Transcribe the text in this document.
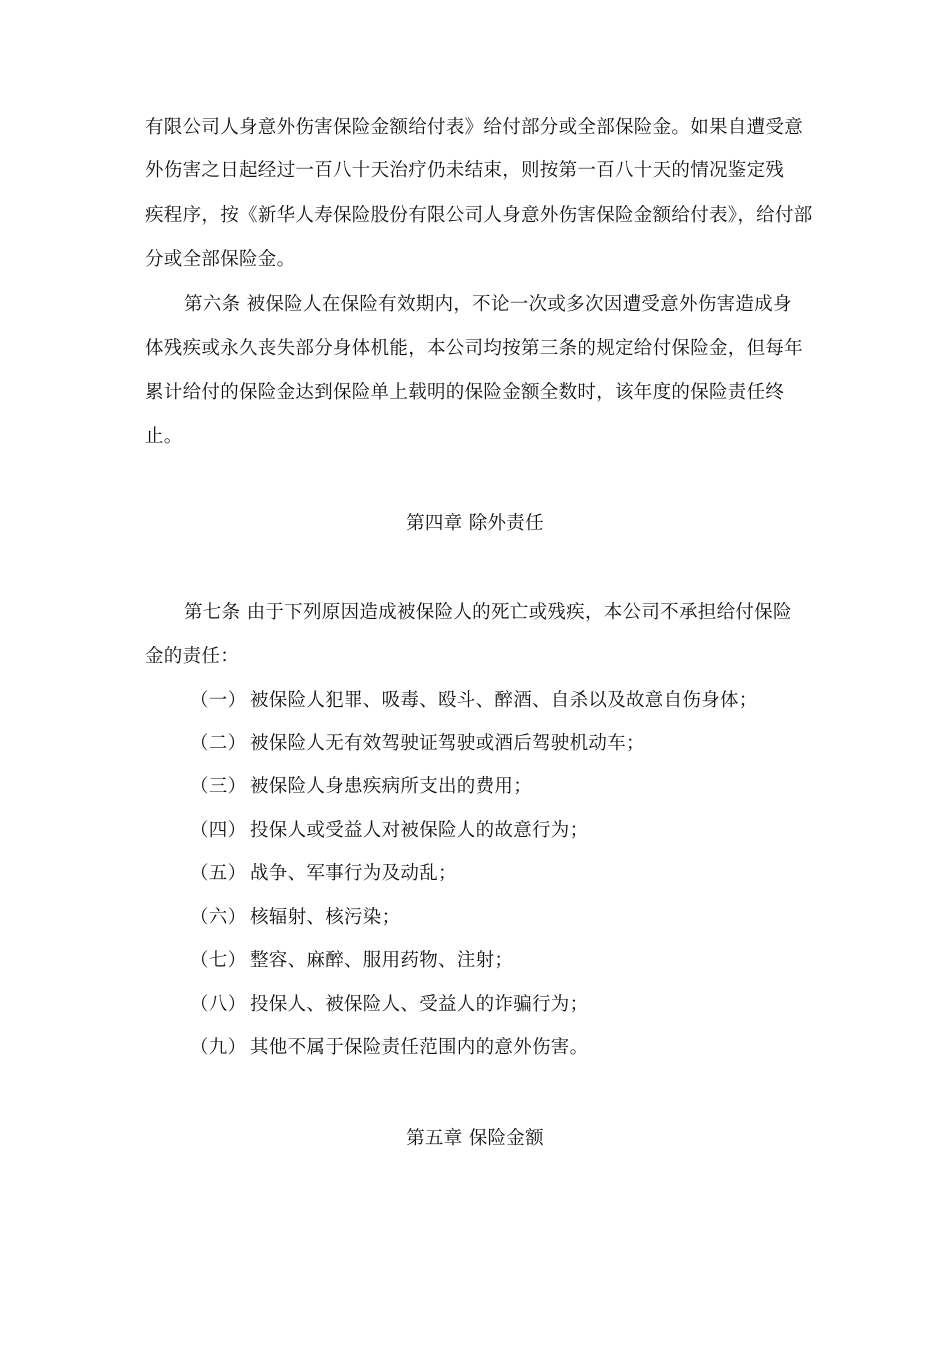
有限公司人身意外伤害保险金额给付表》给付部分或全部保险金。如果自遭受意
外伤害之日起经过一百八十天治疗仍未结束，则按第一百八十天的情况鉴定残
疾程序，按《新华人寿保险股份有限公司人身意外伤害保险金额给付表》，给付部
分或全部保险金。
第六条 被保险人在保险有效期内，不论一次或多次因遭受意外伤害造成身
体残疾或永久丧失部分身体机能，本公司均按第三条的规定给付保险金，但每年
累计给付的保险金达到保险单上载明的保险金额全数时，该年度的保险责任终
止。
第四章 除外责任
第七条 由于下列原因造成被保险人的死亡或残疾，本公司不承担给付保险
金的责任：
（一） 被保险人犯罪、吸毒、殴斗、醉酒、自杀以及故意自伤身体；
（二） 被保险人无有效驾驶证驾驶或酒后驾驶机动车；
（三） 被保险人身患疾病所支出的费用；
（四） 投保人或受益人对被保险人的故意行为；
（五） 战争、军事行为及动乱；
（六） 核辐射、核污染；
（七） 整容、麻醉、服用药物、注射；
（八） 投保人、被保险人、受益人的诈骗行为；
（九） 其他不属于保险责任范围内的意外伤害。
第五章 保险金额
